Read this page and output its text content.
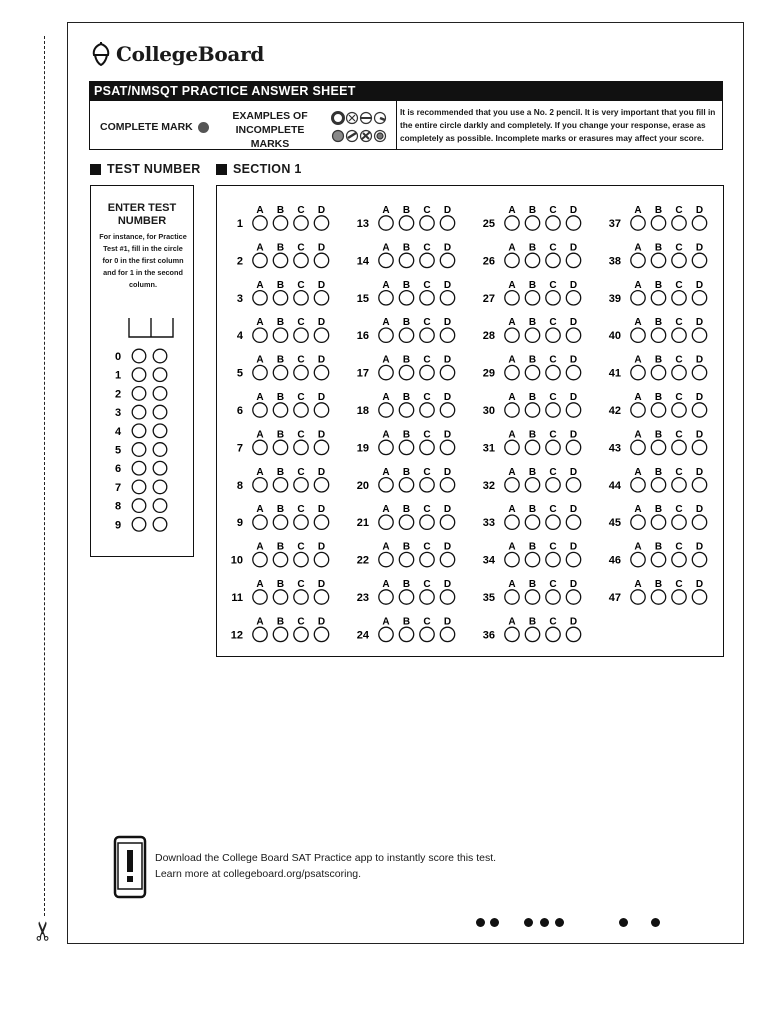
✂
CollegeBoard
PSAT/NMSQT PRACTICE ANSWER SHEET
COMPLETE MARK
EXAMPLES OF
INCOMPLETE MARKS
It is recommended that you use a No. 2 pencil. It is very important that you fill in the entire circle darkly and completely. If you change your response, erase as completely as possible. Incomplete marks or erasures may affect your score.
TEST NUMBER	SECTION 1
ENTER TEST
NUMBER
For instance, for Practice
Test #1, fill in the circle
for 0 in the first column
and for 1 in the second
column.
0
1
2
3
4
5
6
7
8
9
1
A B C D
2
A B C D
3
A B C D
4
A B C D
5
A B C D
6
A B C D
7
A B C D
8
A B C D
9
A B C D
10
A B C D
11
A B C D
12
A B C D
13
A B C D
14
A B C D
15
A B C D
16
A B C D
17
A B C D
18
A B C D
19
A B C D
20
A B C D
21
A B C D
22
A B C D
23
A B C D
24
A B C D
25
A B C D
26
A B C D
27
A B C D
28
A B C D
29
A B C D
30
A B C D
31
A B C D
32
A B C D
33
A B C D
34
A B C D
35
A B C D
36
A B C D
37
A B C D
38
A B C D
39
A B C D
40
A B C D
41
A B C D
42
A B C D
43
A B C D
44
A B C D
45
A B C D
46
A B C D
47
A B C D
Download the College Board SAT Practice app to instantly score this test.
Learn more at collegeboard.org/psatscoring.
